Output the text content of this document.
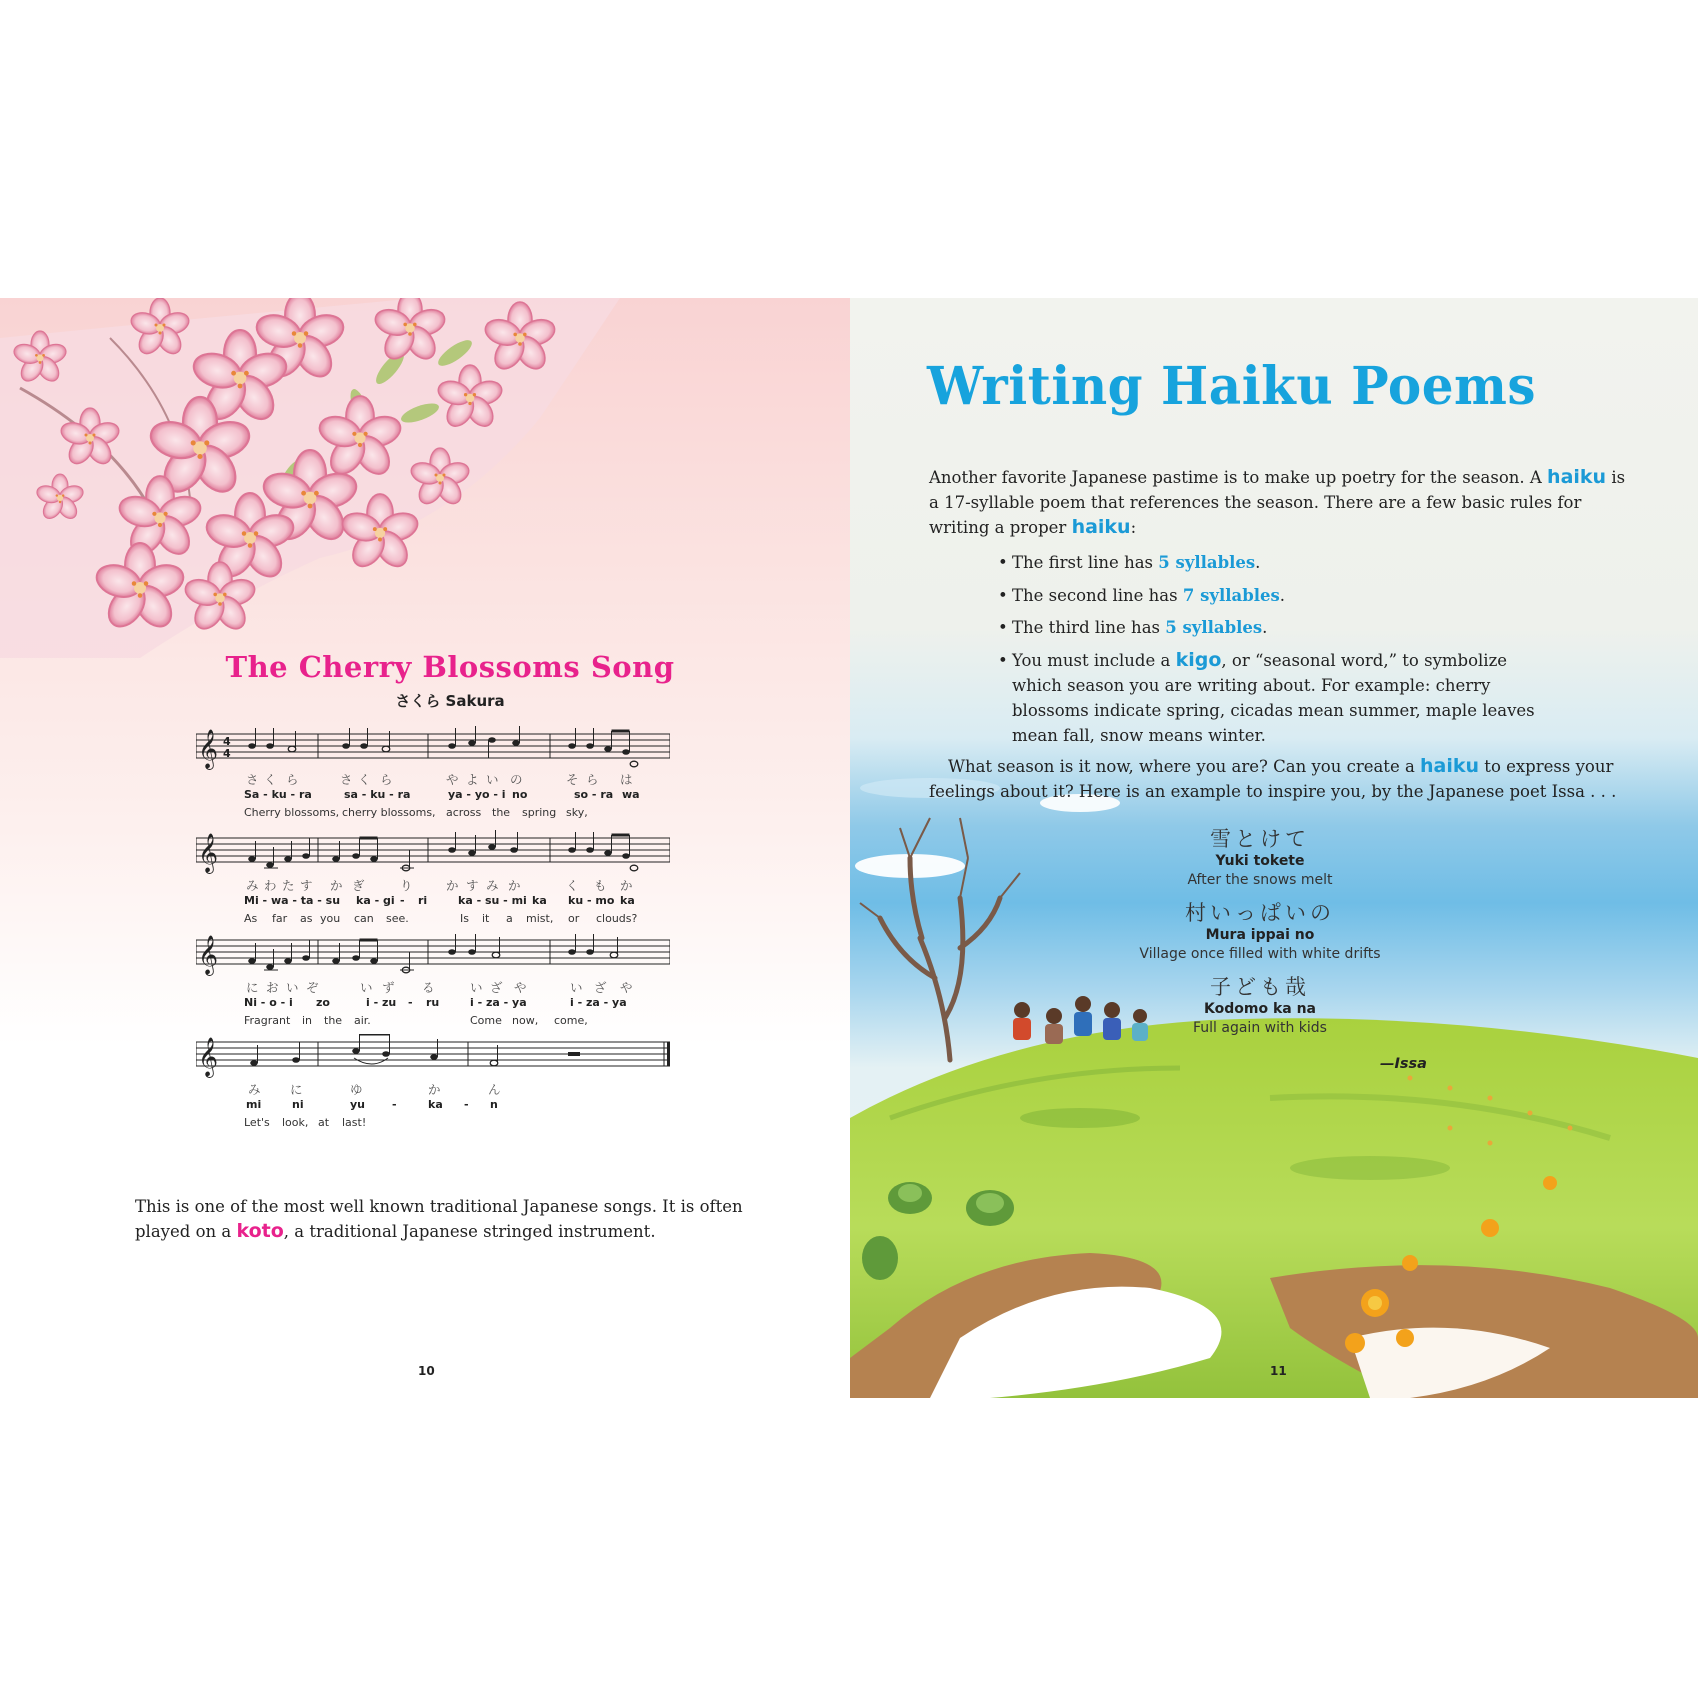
The Cherry Blossoms Song
さくら Sakura
𝄞 4
4
さ く ら	さ く ら	や よ い の	そ ら は
Sa - ku - ra	sa - ku - ra	ya - yo - i no	so - ra wa
Cherry blossoms, cherry blossoms, across the spring sky,
𝄞
み わ た す か ぎ	り	か す み か	く も か
Mi - wa - ta - su ka - gi - ri	ka - su - mi ka ku - mo ka
As far as you can see.	Is it a mist, or clouds?
𝄞
に お い ぞ	い ず る	い ざ や	い ざ や
Ni - o - i zo	i - zu - ru	i - za - ya	i - za - ya
Fragrant in the air.	Come now, come,
𝄞
み に	ゆ	か	ん
mi	ni	yu -	ka - n
Let's look, at last!

This is one of the most well known traditional Japanese songs. It is often played on a koto, a traditional Japanese stringed instrument.

10
Writing Haiku Poems

Another favorite Japanese pastime is to make up poetry for the season. A haiku is a 17-syllable poem that references the season. There are a few basic rules for writing a proper haiku:

• The first line has 5 syllables.
• The second line has 7 syllables.
• The third line has 5 syllables.
• You must include a kigo, or “seasonal word,” to symbolize which season you are writing about. For example: cherry blossoms indicate spring, cicadas mean summer, maple leaves mean fall, snow means winter.

What season is it now, where you are? Can you create a haiku to express your feelings about it? Here is an example to inspire you, by the Japanese poet Issa . . .

雪とけて
Yuki tokete
After the snows melt
村いっぱいの
Mura ippai no
Village once filled with white drifts
子ども哉
Kodomo ka na
Full again with kids
—Issa
11
